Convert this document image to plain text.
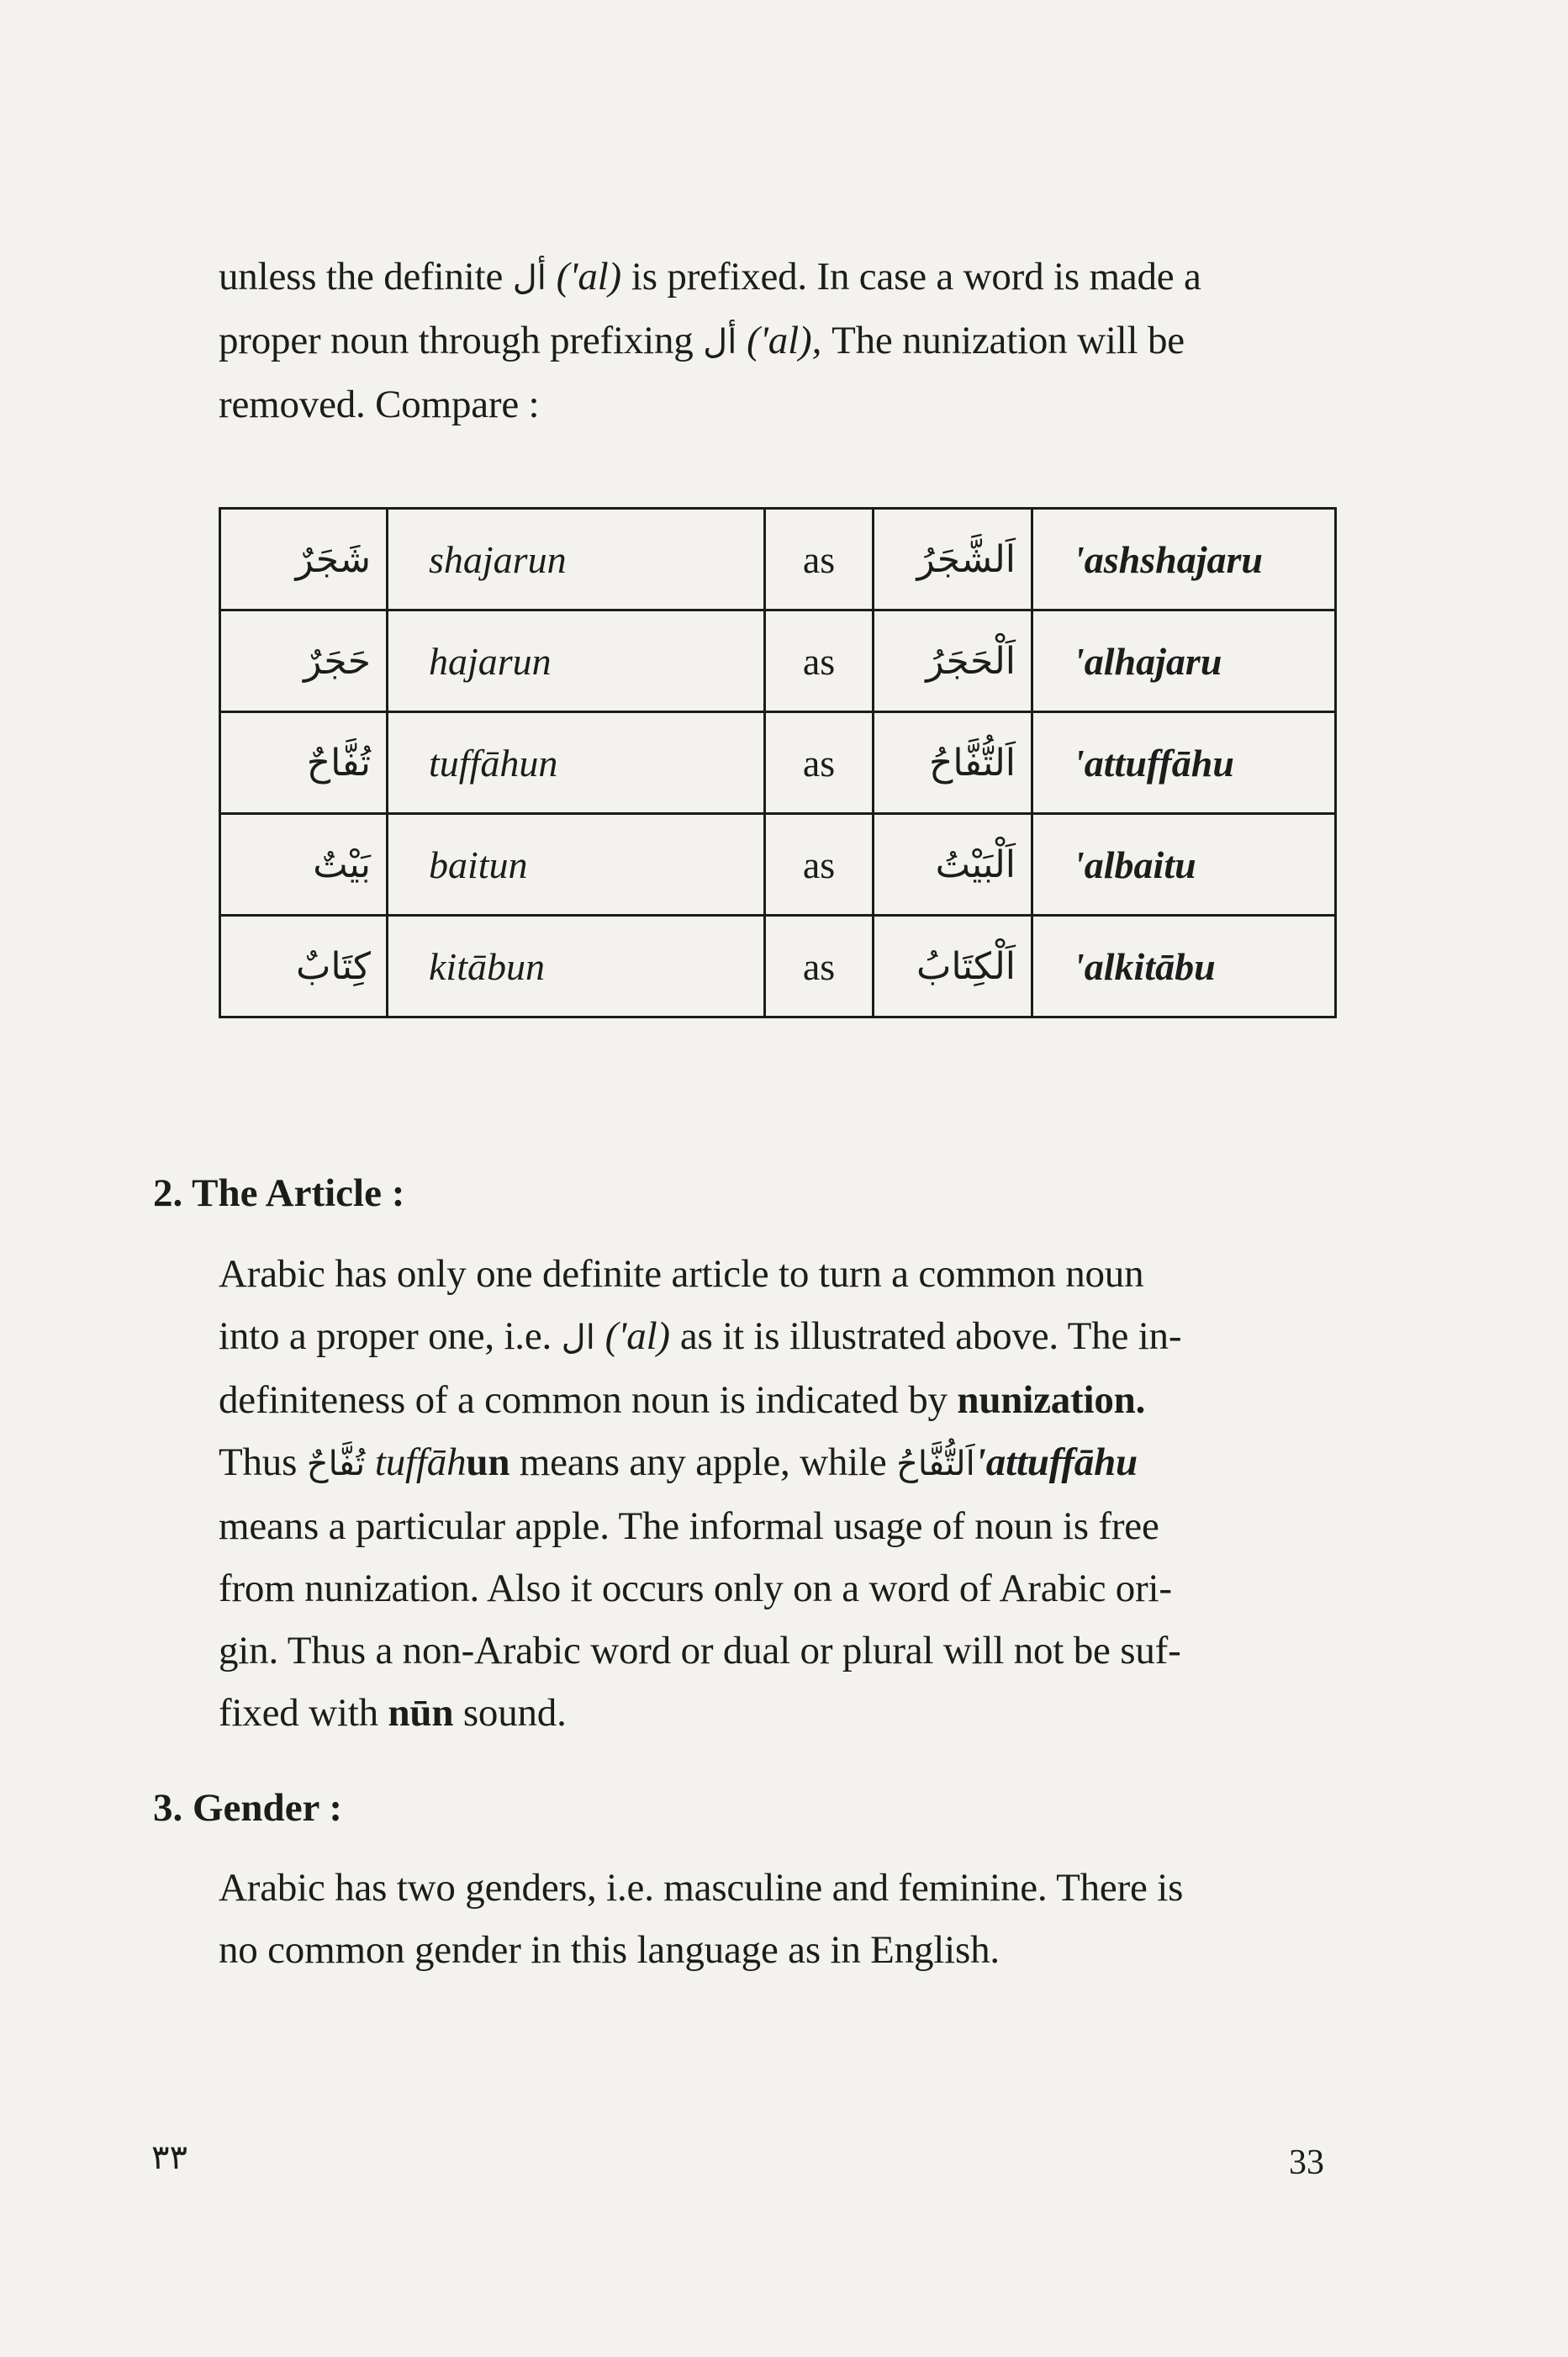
unless the definite أل ('al) is prefixed. In case a word is made a
proper noun through prefixing أل ('al), The nunization will be
removed. Compare :
شَجَرٌ	shajarun	as	اَلشَّجَرُ	'ashshajaru
حَجَرٌ	hajarun	as	اَلْحَجَرُ	'alhajaru
تُفَّاحٌ	tuffāhun	as	اَلتُّفَّاحُ	'attuffāhu
بَيْتٌ	baitun	as	اَلْبَيْتُ	'albaitu
كِتَابٌ	kitābun	as	اَلْكِتَابُ	'alkitābu
2. The Article :
Arabic has only one definite article to turn a common noun
into a proper one, i.e. ال ('al) as it is illustrated above. The in-
definiteness of a common noun is indicated by nunization.
Thus تُفَّاحٌ tuffāhun means any apple, while اَلتُّفَّاحُ'attuffāhu
means a particular apple. The informal usage of noun is free
from nunization. Also it occurs only on a word of Arabic ori-
gin. Thus a non-Arabic word or dual or plural will not be suf-
fixed with nūn sound.
3. Gender :
Arabic has two genders, i.e. masculine and feminine. There is
no common gender in this language as in English.
٣٣	33
